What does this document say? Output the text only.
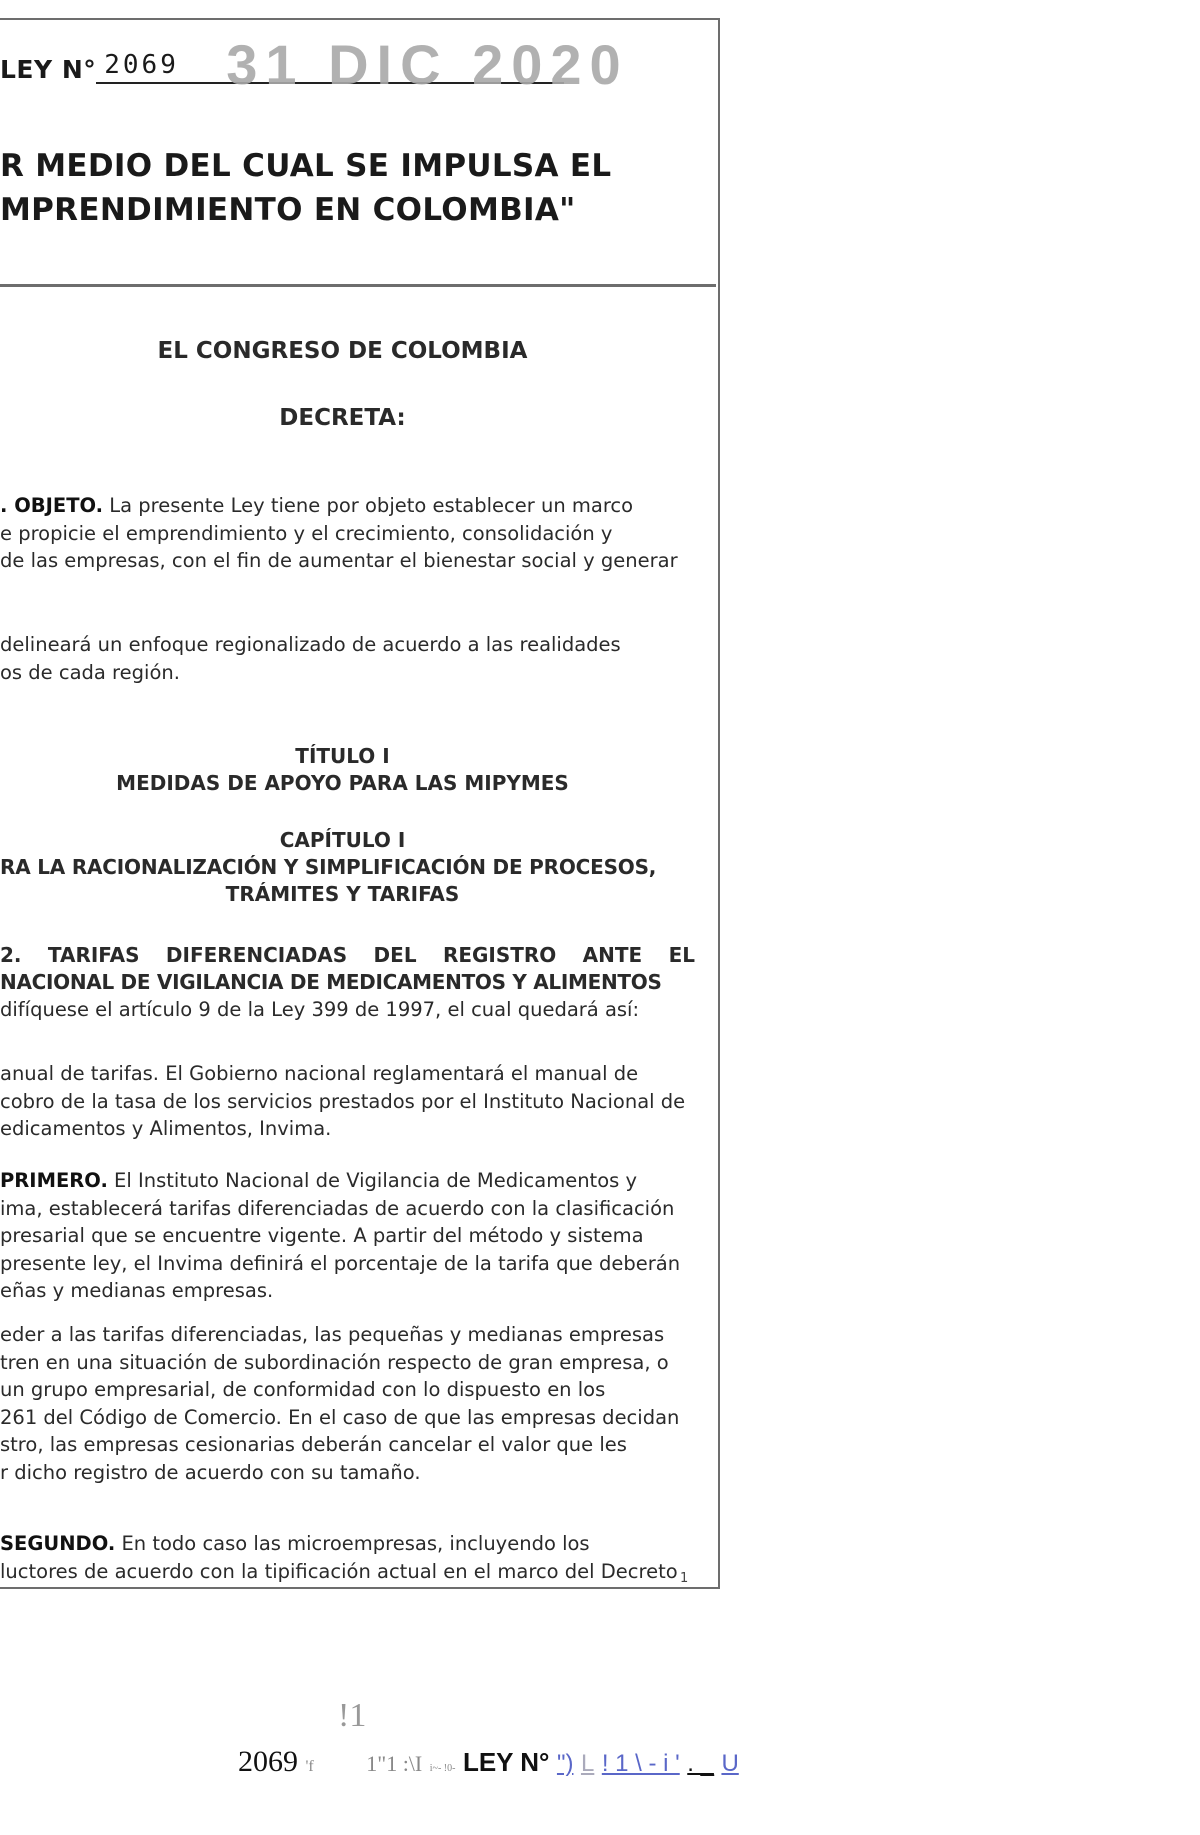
LEY N° 2069 31 DIC 2020
R MEDIO DEL CUAL SE IMPULSA EL
MPRENDIMIENTO EN COLOMBIA"
EL CONGRESO DE COLOMBIA
DECRETA:
. OBJETO. La presente Ley tiene por objeto establecer un marco
e propicie el emprendimiento y el crecimiento, consolidación y
de las empresas, con el fin de aumentar el bienestar social y generar
delineará un enfoque regionalizado de acuerdo a las realidades
os de cada región.
TÍTULO I
MEDIDAS DE APOYO PARA LAS MIPYMES
CAPÍTULO I
RA LA RACIONALIZACIÓN Y SIMPLIFICACIÓN DE PROCESOS,
TRÁMITES Y TARIFAS
2. TARIFAS DIFERENCIADAS DEL REGISTRO ANTE EL
NACIONAL DE VIGILANCIA DE MEDICAMENTOS Y ALIMENTOS
difíquese el artículo 9 de la Ley 399 de 1997, el cual quedará así:
anual de tarifas. El Gobierno nacional reglamentará el manual de
cobro de la tasa de los servicios prestados por el Instituto Nacional de
edicamentos y Alimentos, Invima.
PRIMERO. El Instituto Nacional de Vigilancia de Medicamentos y
ima, establecerá tarifas diferenciadas de acuerdo con la clasificación
presarial que se encuentre vigente. A partir del método y sistema
presente ley, el Invima definirá el porcentaje de la tarifa que deberán
eñas y medianas empresas.
eder a las tarifas diferenciadas, las pequeñas y medianas empresas
tren en una situación de subordinación respecto de gran empresa, o
un grupo empresarial, de conformidad con lo dispuesto en los
261 del Código de Comercio. En el caso de que las empresas decidan
stro, las empresas cesionarias deberán cancelar el valor que les
r dicho registro de acuerdo con su tamaño.
SEGUNDO. En todo caso las microempresas, incluyendo los
luctores de acuerdo con la tipificación actual en el marco del Decreto 1
!1
2069 'f 1"1 :\I i~- !0- LEY N° ") L ! 1 \ - i ' . _ U
